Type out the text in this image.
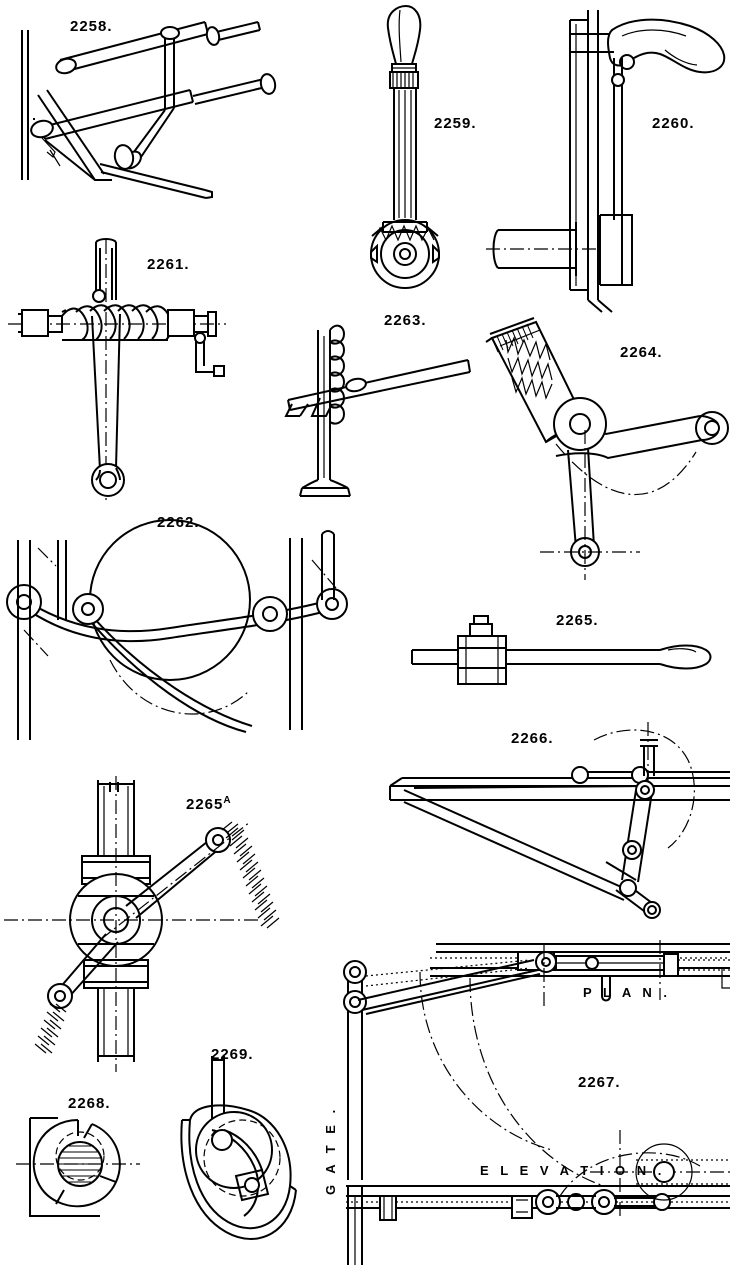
2258.
2259.	2260.
2261.
2262.
2263.
2264.
2265.
$2265^A$
2266.
2267.
2268.
2269.
P L A N .
E L E V A T I O N .
G A T E .
